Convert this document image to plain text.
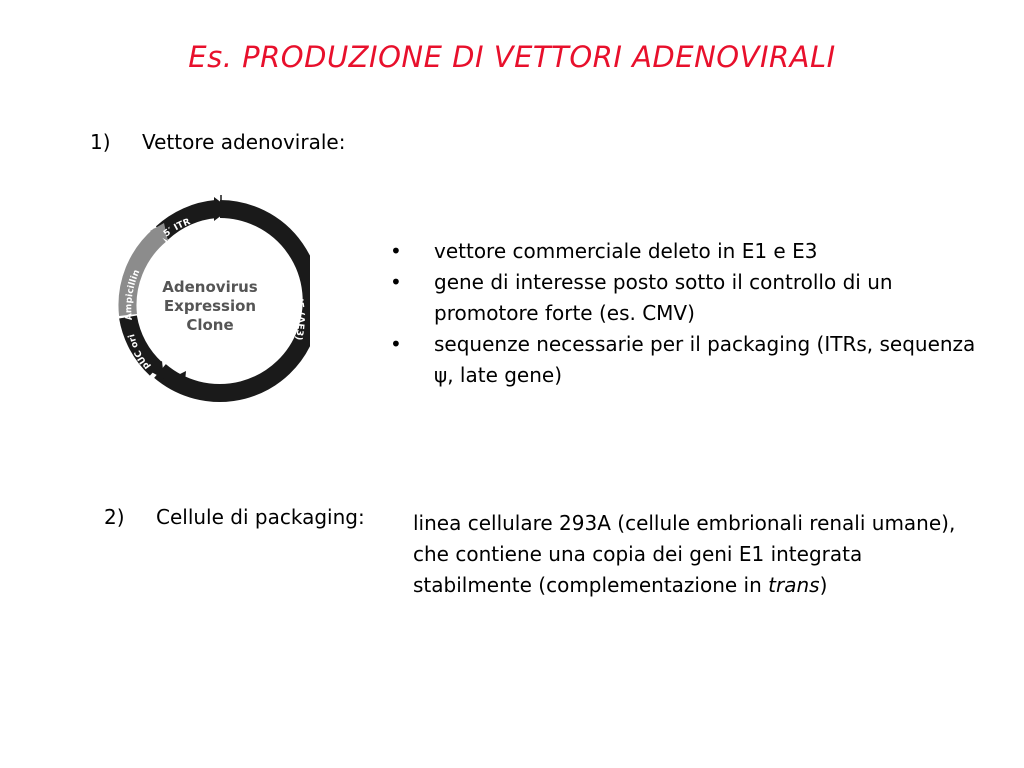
Es. PRODUZIONE DI VETTORI ADENOVIRALI
1) Vettore adenovirale:
5′ ITR
Ampicillin
pUC ori
wt Ad5 (ΔE3)
Adenovirus
Expression
Clone
• vettore commerciale deleto in E1 e E3
• gene di interesse posto sotto il controllo di un promotore forte (es. CMV)
• sequenze necessarie per il packaging (ITRs, sequenza ψ, late gene)
2) Cellule di packaging: linea cellulare 293A (cellule embrionali renali umane), che contiene una copia dei geni E1 integrata stabilmente (complementazione in trans)
